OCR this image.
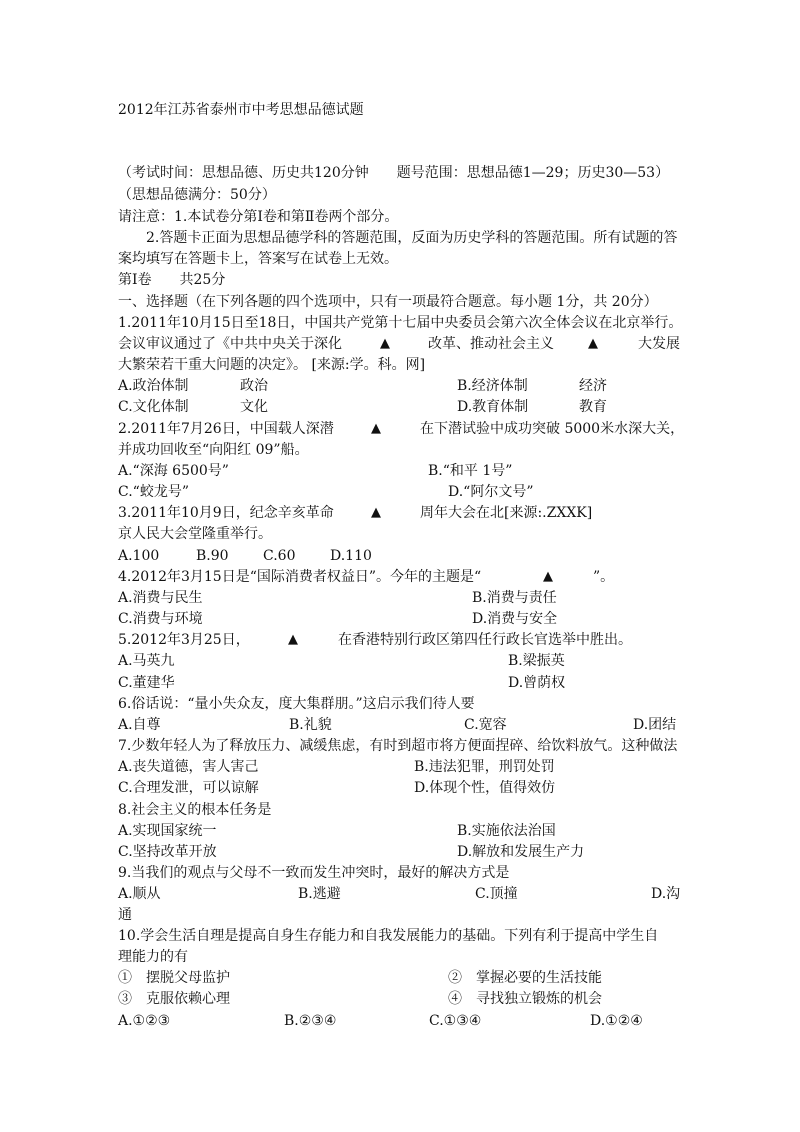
2012年江苏省泰州市中考思想品德试题
（考试时间：思想品德、历史共120分钟　　题号范围：思想品德1—29；历史30—53）
（思想品德满分：50分）
请注意：1.本试卷分第Ⅰ卷和第Ⅱ卷两个部分。
2.答题卡正面为思想品德学科的答题范围，反面为历史学科的答题范围。所有试题的答
案均填写在答题卡上，答案写在试卷上无效。
第Ⅰ卷　　共25分
一、选择题（在下列各题的四个选项中，只有一项最符合题意。每小题 1分，共 20分）
1.2011年10月15日至18日，中国共产党第十七届中央委员会第六次全体会议在北京举行。
会议审议通过了《中共中央关于深化	▲	改革、推动社会主义	▲	大发展
大繁荣若干重大问题的决定》。 [来源:学。科。网]
A.政治体制	政治	B.经济体制	经济
C.文化体制	文化	D.教育体制	教育
2.2011年7月26日，中国载人深潜	▲	在下潜试验中成功突破 5000米水深大关，
并成功回收至“向阳红 09”船。
A.“深海 6500号”	B.“和平 1号”
C.“蛟龙号”	D.“阿尔文号”
3.2011年10月9日，纪念辛亥革命	▲	周年大会在北[来源:.ZXXK]
京人民大会堂隆重举行。
A.100	B.90 C.60 D.110
4.2012年3月15日是“国际消费者权益日”。今年的主题是“	▲	”。
A.消费与民生	B.消费与责任
C.消费与环境	D.消费与安全
5.2012年3月25日，	▲	在香港特别行政区第四任行政长官选举中胜出。
A.马英九	B.梁振英
C.董建华	D.曾荫权
6.俗话说：“量小失众友，度大集群朋。”这启示我们待人要
A.自尊	B.礼貌	C.宽容	D.团结
7.少数年轻人为了释放压力、减缓焦虑，有时到超市将方便面捏碎、给饮料放气。这种做法
A.丧失道德，害人害己	B.违法犯罪，刑罚处罚
C.合理发泄，可以谅解	D.体现个性，值得效仿
8.社会主义的根本任务是
A.实现国家统一	B.实施依法治国
C.坚持改革开放	D.解放和发展生产力
9.当我们的观点与父母不一致而发生冲突时，最好的解决方式是
A.顺从	B.逃避	C.顶撞	D.沟
通
10.学会生活自理是提高自身生存能力和自我发展能力的基础。下列有利于提高中学生自
理能力的有
①　摆脱父母监护	②　掌握必要的生活技能
③　克服依赖心理	④　寻找独立锻炼的机会
A.①②③	B.②③④	C.①③④	D.①②④
